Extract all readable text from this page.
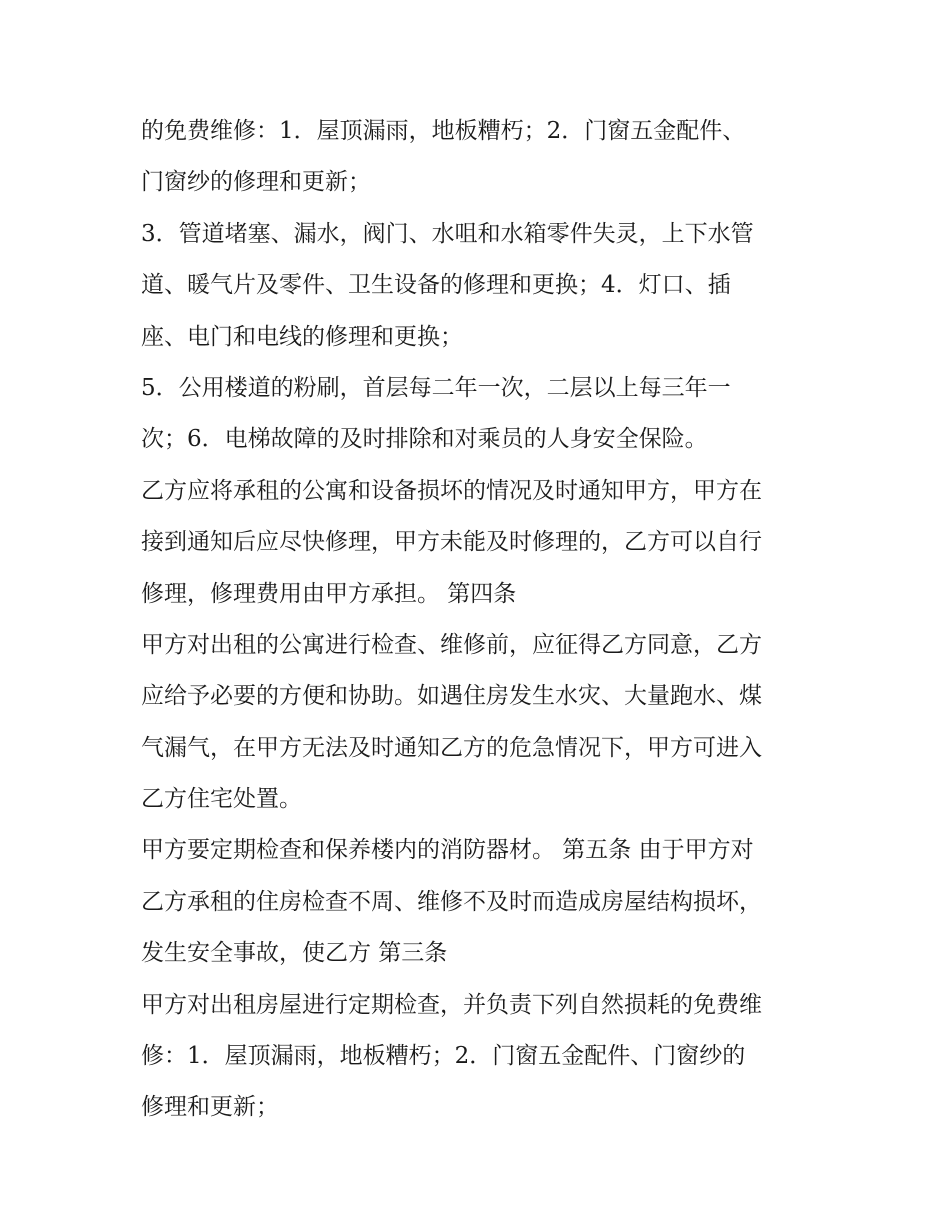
的免费维修：1．屋顶漏雨，地板糟朽；2．门窗五金配件、
门窗纱的修理和更新；
3．管道堵塞、漏水，阀门、水咀和水箱零件失灵，上下水管
道、暖气片及零件、卫生设备的修理和更换；4．灯口、插
座、电门和电线的修理和更换；
5．公用楼道的粉刷，首层每二年一次，二层以上每三年一
次；6．电梯故障的及时排除和对乘员的人身安全保险。
乙方应将承租的公寓和设备损坏的情况及时通知甲方，甲方在
接到通知后应尽快修理，甲方未能及时修理的，乙方可以自行
修理，修理费用由甲方承担。 第四条
甲方对出租的公寓进行检查、维修前，应征得乙方同意，乙方
应给予必要的方便和协助。如遇住房发生水灾、大量跑水、煤
气漏气，在甲方无法及时通知乙方的危急情况下，甲方可进入
乙方住宅处置。
甲方要定期检查和保养楼内的消防器材。 第五条 由于甲方对
乙方承租的住房检查不周、维修不及时而造成房屋结构损坏，
发生安全事故，使乙方 第三条
甲方对出租房屋进行定期检查，并负责下列自然损耗的免费维
修：1．屋顶漏雨，地板糟朽；2．门窗五金配件、门窗纱的
修理和更新；
